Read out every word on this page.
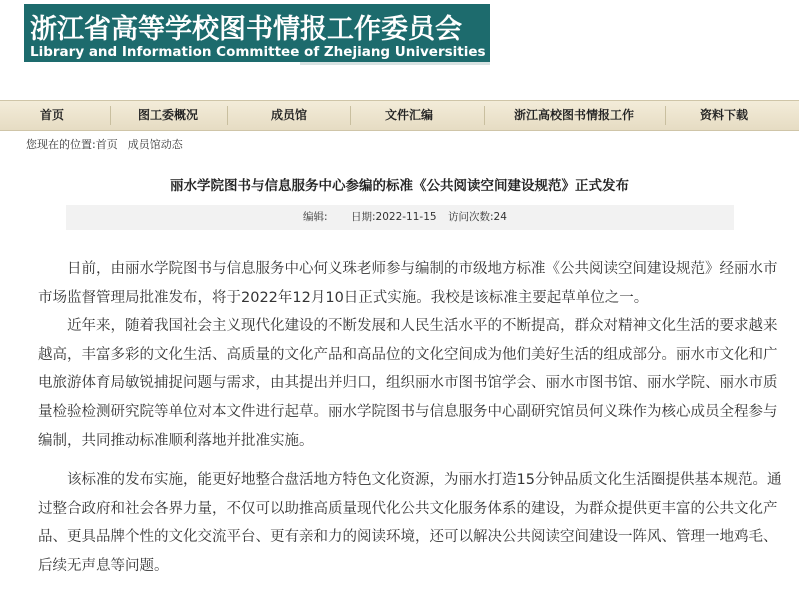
浙江省高等学校图书情报工作委员会
Library and Information Committee of Zhejiang Universities and Colleges
首页	图工委概况	成员馆	文件汇编	浙江高校图书情报工作	资料下载
您现在的位置:首页 成员馆动态
丽水学院图书与信息服务中心参编的标准《公共阅读空间建设规范》正式发布
编辑: 日期:2022-11-15 访问次数:24

日前，由丽水学院图书与信息服务中心何义珠老师参与编制的市级地方标准《公共阅读空间建设规范》经丽水市市场监督管理局批准发布，将于2022年12月10日正式实施。我校是该标准主要起草单位之一。

近年来，随着我国社会主义现代化建设的不断发展和人民生活水平的不断提高，群众对精神文化生活的要求越来越高，丰富多彩的文化生活、高质量的文化产品和高品位的文化空间成为他们美好生活的组成部分。丽水市文化和广电旅游体育局敏锐捕捉问题与需求，由其提出并归口，组织丽水市图书馆学会、丽水市图书馆、丽水学院、丽水市质量检验检测研究院等单位对本文件进行起草。丽水学院图书与信息服务中心副研究馆员何义珠作为核心成员全程参与编制，共同推动标准顺利落地并批准实施。

该标准的发布实施，能更好地整合盘活地方特色文化资源，为丽水打造15分钟品质文化生活圈提供基本规范。通过整合政府和社会各界力量，不仅可以助推高质量现代化公共文化服务体系的建设，为群众提供更丰富的公共文化产品、更具品牌个性的文化交流平台、更有亲和力的阅读环境，还可以解决公共阅读空间建设一阵风、管理一地鸡毛、后续无声息等问题。
